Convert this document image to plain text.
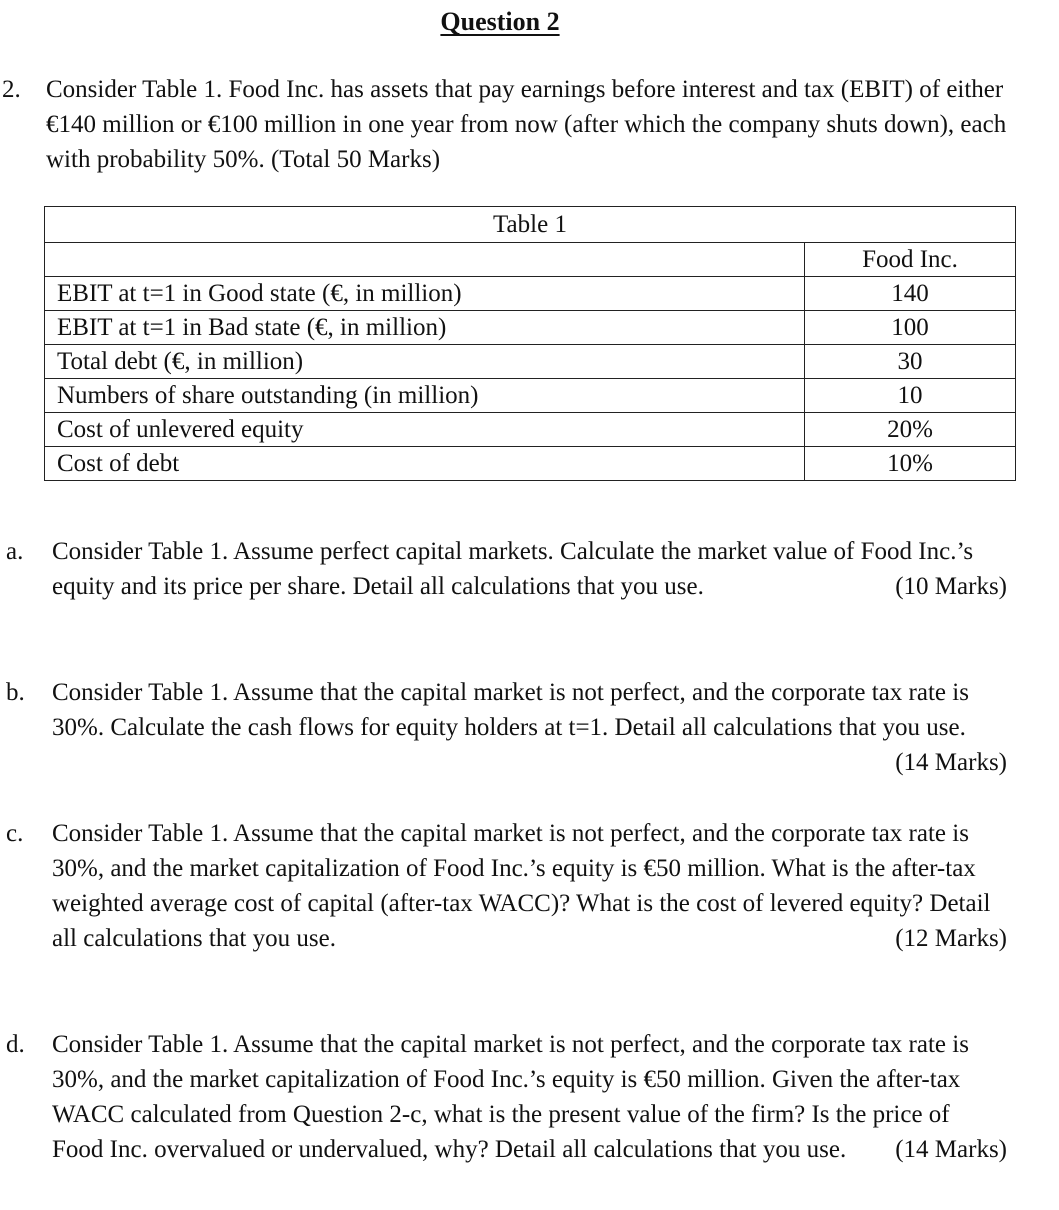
Question 2
2. Consider Table 1. Food Inc. has assets that pay earnings before interest and tax (EBIT) of either €140 million or €100 million in one year from now (after which the company shuts down), each with probability 50%. (Total 50 Marks)
Table 1	
	Food Inc.
EBIT at t=1 in Good state (€, in million)	140
EBIT at t=1 in Bad state (€, in million)	100
Total debt (€, in million)	30
Numbers of share outstanding (in million)	10
Cost of unlevered equity	20%
Cost of debt	10%
a. Consider Table 1. Assume perfect capital markets. Calculate the market value of Food Inc.’s equity and its price per share. Detail all calculations that you use.	(10 Marks)
b. Consider Table 1. Assume that the capital market is not perfect, and the corporate tax rate is 30%. Calculate the cash flows for equity holders at t=1. Detail all calculations that you use.
(14 Marks)
c. Consider Table 1. Assume that the capital market is not perfect, and the corporate tax rate is 30%, and the market capitalization of Food Inc.’s equity is €50 million. What is the after-tax weighted average cost of capital (after-tax WACC)? What is the cost of levered equity? Detail all calculations that you use.	(12 Marks)
d. Consider Table 1. Assume that the capital market is not perfect, and the corporate tax rate is 30%, and the market capitalization of Food Inc.’s equity is €50 million. Given the after-tax WACC calculated from Question 2-c, what is the present value of the firm? Is the price of Food Inc. overvalued or undervalued, why? Detail all calculations that you use. (14 Marks)
